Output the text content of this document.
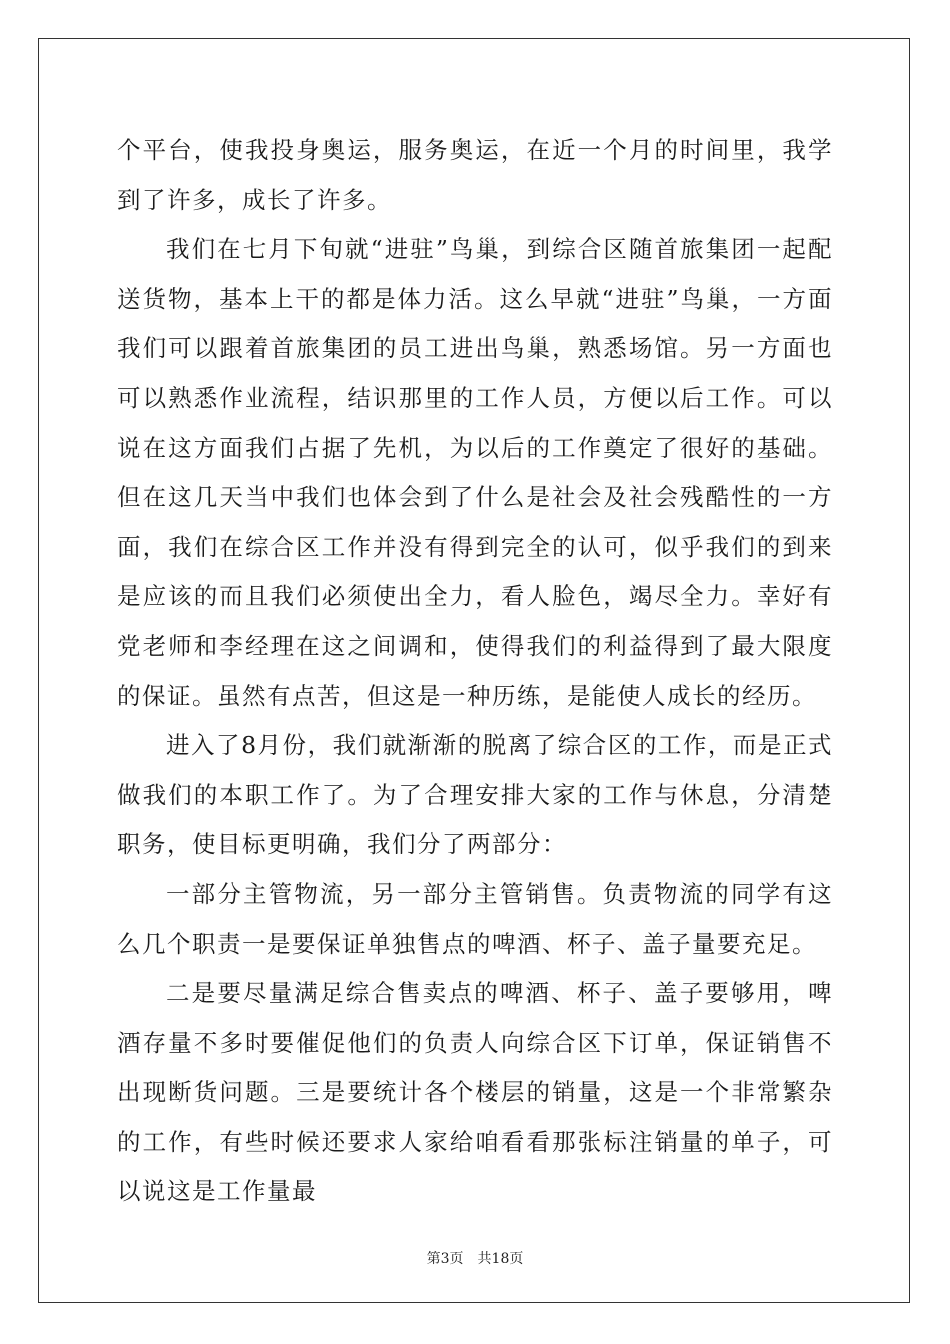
个平台，使我投身奥运，服务奥运，在近一个月的时间里，我学到了许多，成长了许多。

我们在七月下旬就“进驻”鸟巢，到综合区随首旅集团一起配送货物，基本上干的都是体力活。这么早就“进驻”鸟巢，一方面我们可以跟着首旅集团的员工进出鸟巢，熟悉场馆。另一方面也可以熟悉作业流程，结识那里的工作人员，方便以后工作。可以说在这方面我们占据了先机，为以后的工作奠定了很好的基础。但在这几天当中我们也体会到了什么是社会及社会残酷性的一方面，我们在综合区工作并没有得到完全的认可，似乎我们的到来是应该的而且我们必须使出全力，看人脸色，竭尽全力。幸好有党老师和李经理在这之间调和，使得我们的利益得到了最大限度的保证。虽然有点苦，但这是一种历练，是能使人成长的经历。

进入了8月份，我们就渐渐的脱离了综合区的工作，而是正式做我们的本职工作了。为了合理安排大家的工作与休息，分清楚职务，使目标更明确，我们分了两部分：

一部分主管物流，另一部分主管销售。负责物流的同学有这么几个职责一是要保证单独售点的啤酒、杯子、盖子量要充足。

二是要尽量满足综合售卖点的啤酒、杯子、盖子要够用，啤酒存量不多时要催促他们的负责人向综合区下订单，保证销售不出现断货问题。三是要统计各个楼层的销量，这是一个非常繁杂的工作，有些时候还要求人家给咱看看那张标注销量的单子，可以说这是工作量最

第3页 共18页
